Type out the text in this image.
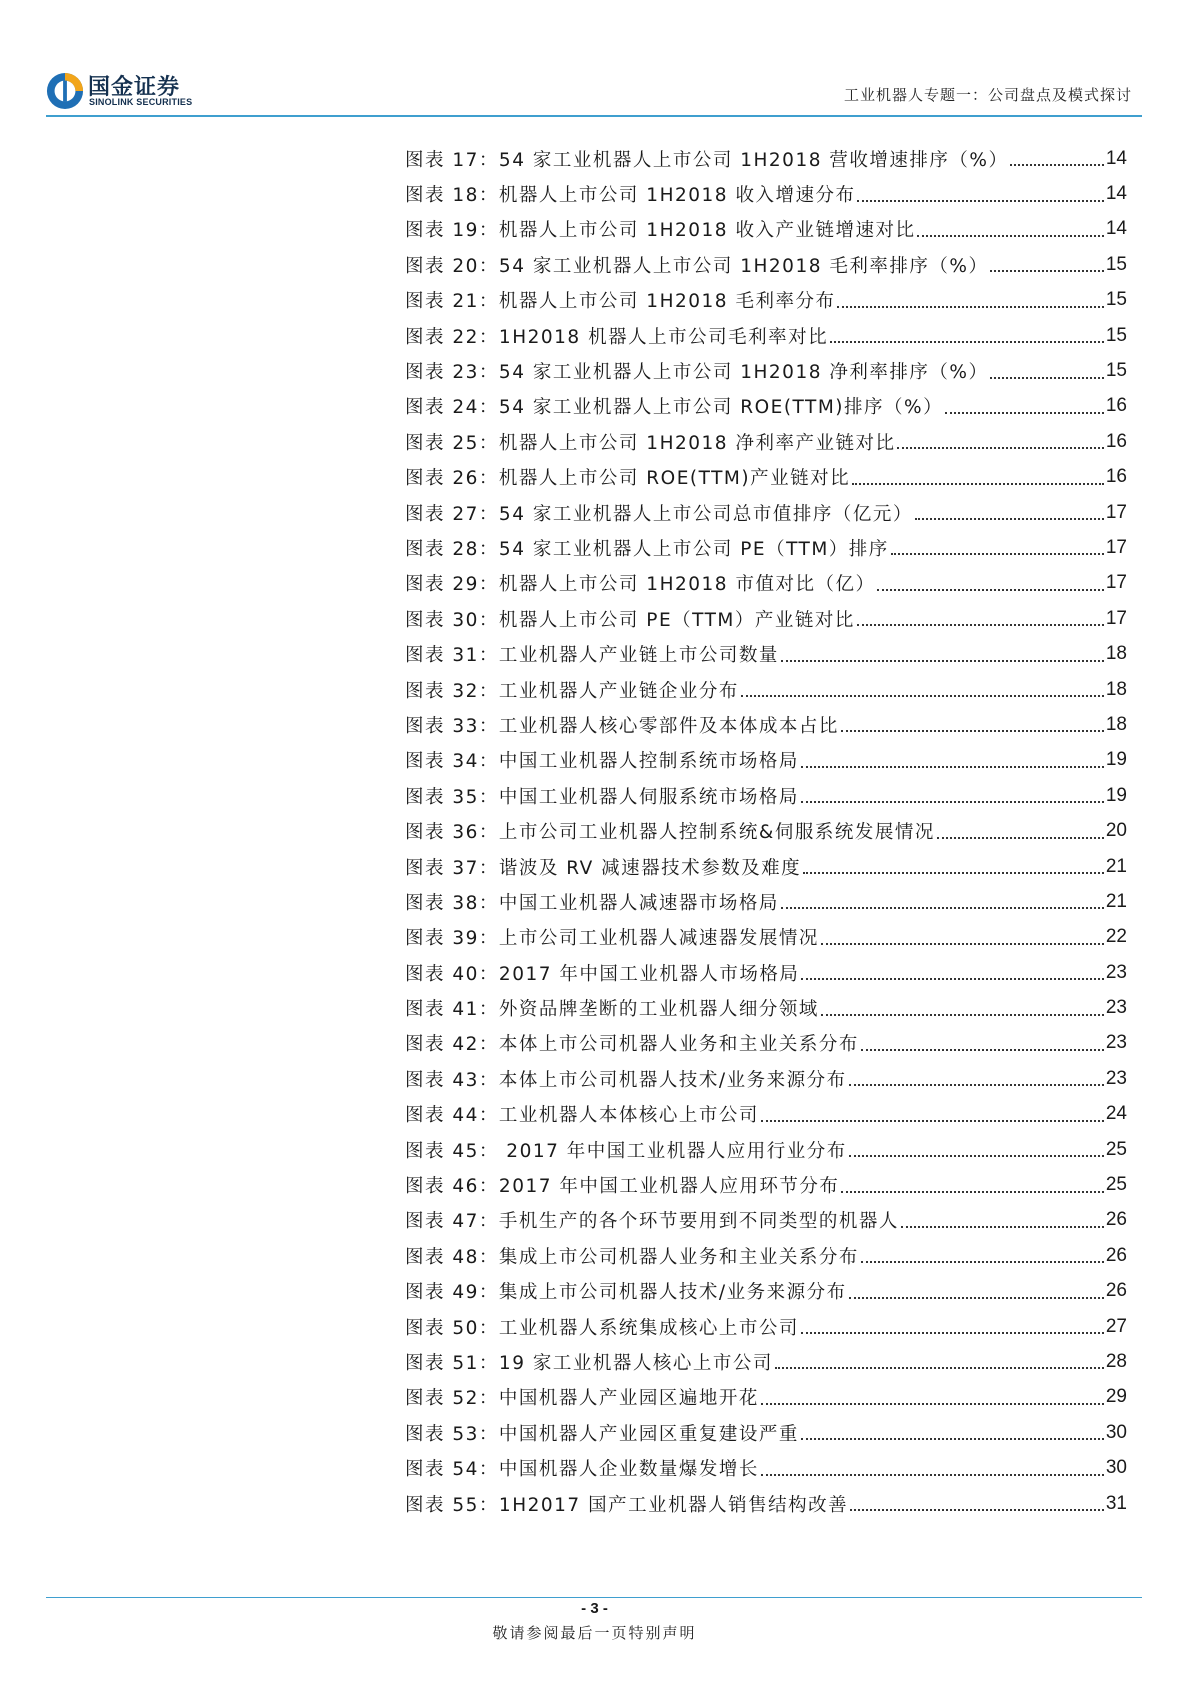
国金证券
SINOLINK SECURITIES	工业机器人专题一：公司盘点及模式探讨
图表 17：54 家工业机器人上市公司 1H2018 营收增速排序（%）	14
图表 18：机器人上市公司 1H2018 收入增速分布	14
图表 19：机器人上市公司 1H2018 收入产业链增速对比	14
图表 20：54 家工业机器人上市公司 1H2018 毛利率排序（%）	15
图表 21：机器人上市公司 1H2018 毛利率分布	15
图表 22：1H2018 机器人上市公司毛利率对比	15
图表 23：54 家工业机器人上市公司 1H2018 净利率排序（%）	15
图表 24：54 家工业机器人上市公司 ROE(TTM)排序（%）	16
图表 25：机器人上市公司 1H2018 净利率产业链对比	16
图表 26：机器人上市公司 ROE(TTM)产业链对比	16
图表 27：54 家工业机器人上市公司总市值排序（亿元）	17
图表 28：54 家工业机器人上市公司 PE（TTM）排序	17
图表 29：机器人上市公司 1H2018 市值对比（亿）	17
图表 30：机器人上市公司 PE（TTM）产业链对比	17
图表 31：工业机器人产业链上市公司数量	18
图表 32：工业机器人产业链企业分布	18
图表 33：工业机器人核心零部件及本体成本占比	18
图表 34：中国工业机器人控制系统市场格局	19
图表 35：中国工业机器人伺服系统市场格局	19
图表 36：上市公司工业机器人控制系统&伺服系统发展情况	20
图表 37：谐波及 RV 减速器技术参数及难度	21
图表 38：中国工业机器人减速器市场格局	21
图表 39：上市公司工业机器人减速器发展情况	22
图表 40：2017 年中国工业机器人市场格局	23
图表 41：外资品牌垄断的工业机器人细分领域	23
图表 42：本体上市公司机器人业务和主业关系分布	23
图表 43：本体上市公司机器人技术/业务来源分布	23
图表 44：工业机器人本体核心上市公司	24
图表 45： 2017 年中国工业机器人应用行业分布	25
图表 46：2017 年中国工业机器人应用环节分布	25
图表 47：手机生产的各个环节要用到不同类型的机器人	26
图表 48：集成上市公司机器人业务和主业关系分布	26
图表 49：集成上市公司机器人技术/业务来源分布	26
图表 50：工业机器人系统集成核心上市公司	27
图表 51：19 家工业机器人核心上市公司	28
图表 52：中国机器人产业园区遍地开花	29
图表 53：中国机器人产业园区重复建设严重	30
图表 54：中国机器人企业数量爆发增长	30
图表 55：1H2017 国产工业机器人销售结构改善	31
- 3 -
敬请参阅最后一页特别声明
